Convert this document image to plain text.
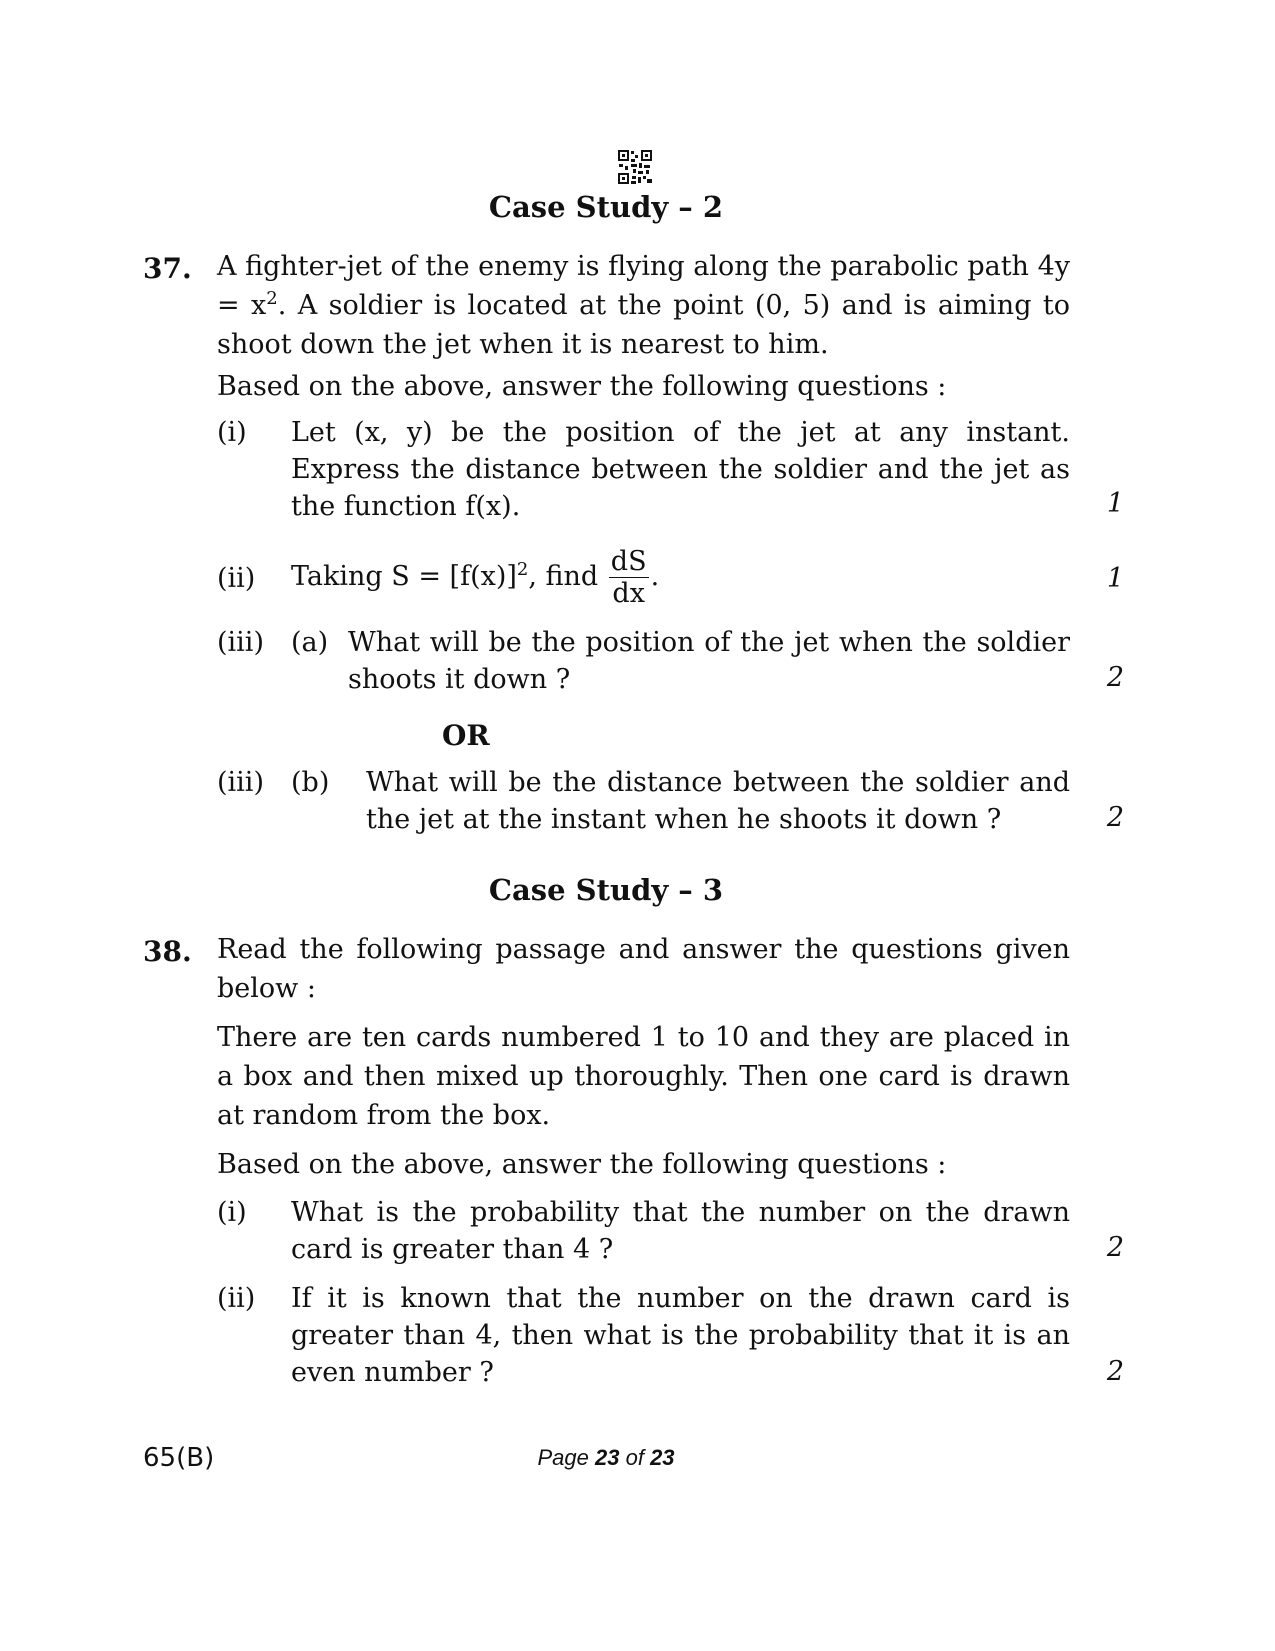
Case Study – 2
37. A fighter-jet of the enemy is flying along the parabolic path $4y = x^2$. A soldier is located at the point (0, 5) and is aiming to shoot down the jet when it is nearest to him.
Based on the above, answer the following questions :
(i) Let (x, y) be the position of the jet at any instant. Express the distance between the soldier and the jet as the function f(x).	1
(ii) Taking $S = [f(x)]^2$, find $\frac{dS}{dx}$ .	1
(iii) (a) What will be the position of the jet when the soldier shoots it down ?	2
OR
(iii) (b) What will be the distance between the soldier and the jet at the instant when he shoots it down ?	2
Case Study – 3
38. Read the following passage and answer the questions given below :
There are ten cards numbered 1 to 10 and they are placed in a box and then mixed up thoroughly. Then one card is drawn at random from the box.
Based on the above, answer the following questions :
(i) What is the probability that the number on the drawn card is greater than 4 ?	2
(ii) If it is known that the number on the drawn card is greater than 4, then what is the probability that it is an even number ?	2
65(B)	Page 23 of 23
